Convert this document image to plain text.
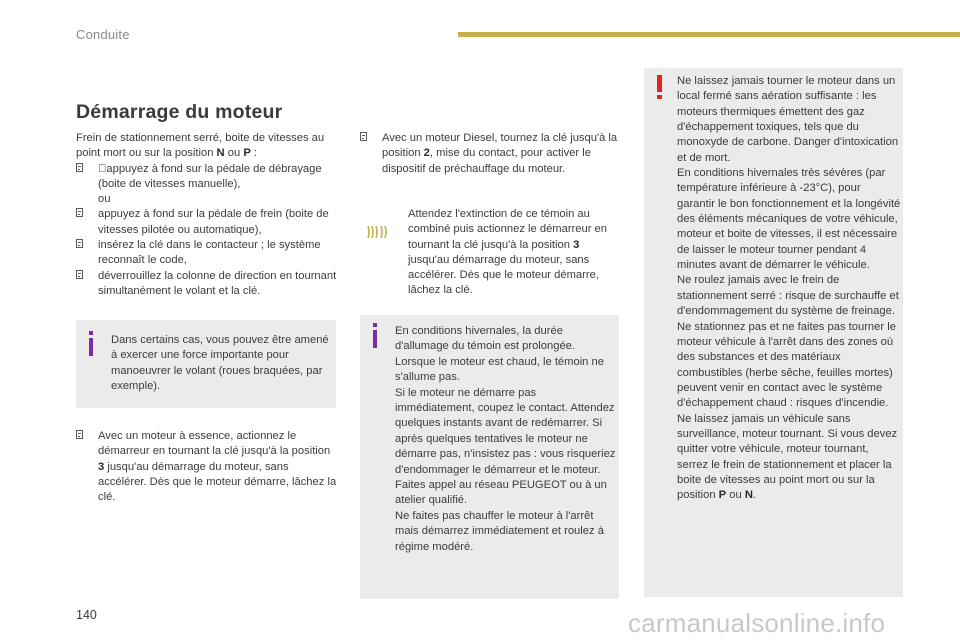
Conduite
Démarrage du moteur

Frein de stationnement serré, boite de vitesses au point mort ou sur la position N ou P :

appuyez à fond sur la pédale de débrayage (boite de vitesses manuelle),

ou

appuyez à fond sur la pédale de frein (boite de vitesses pilotée ou automatique),

insérez la clé dans le contacteur ; le système reconnaît le code,

déverrouillez la colonne de direction en tournant simultanément le volant et la clé.

Dans certains cas, vous pouvez être amené à exercer une force importante pour manoeuvrer le volant (roues braquées, par exemple).

Avec un moteur à essence, actionnez le démarreur en tournant la clé jusqu'à la position 3 jusqu'au démarrage du moteur, sans accélérer. Dès que le moteur démarre, lâchez la clé.

Avec un moteur Diesel, tournez la clé jusqu'à la position 2, mise du contact, pour activer le dispositif de préchauffage du moteur.

Attendez l'extinction de ce témoin au combiné puis actionnez le démarreur en tournant la clé jusqu'à la position 3 jusqu'au démarrage du moteur, sans accélérer. Dès que le moteur démarre, lâchez la clé.

En conditions hivernales, la durée d'allumage du témoin est prolongée.

Lorsque le moteur est chaud, le témoin ne s'allume pas.

Si le moteur ne démarre pas immédiatement, coupez le contact. Attendez quelques instants avant de redémarrer. Si après quelques tentatives le moteur ne démarre pas, n'insistez pas : vous risqueriez d'endommager le démarreur et le moteur. Faites appel au réseau PEUGEOT ou à un atelier qualifié.

Ne faites pas chauffer le moteur à l'arrêt mais démarrez immédiatement et roulez à régime modéré.

Ne laissez jamais tourner le moteur dans un local fermé sans aération suffisante : les moteurs thermiques émettent des gaz d'échappement toxiques, tels que du monoxyde de carbone. Danger d'intoxication et de mort.

En conditions hivernales très sévères (par température inférieure à -23°C), pour garantir le bon fonctionnement et la longévité des éléments mécaniques de votre véhicule, moteur et boite de vitesses, il est nécessaire de laisser le moteur tourner pendant 4 minutes avant de démarrer le véhicule.

Ne roulez jamais avec le frein de stationnement serré : risque de surchauffe et d'endommagement du système de freinage.

Ne stationnez pas et ne faites pas tourner le moteur véhicule à l'arrêt dans des zones où des substances et des matériaux combustibles (herbe sêche, feuilles mortes) peuvent venir en contact avec le système d'échappement chaud : risques d'incendie.

Ne laissez jamais un véhicule sans surveillance, moteur tournant. Si vous devez quitter votre véhicule, moteur tournant, serrez le frein de stationnement et placer la boite de vitesses au point mort ou sur la position P ou N.

140	carmanualsonline.info
